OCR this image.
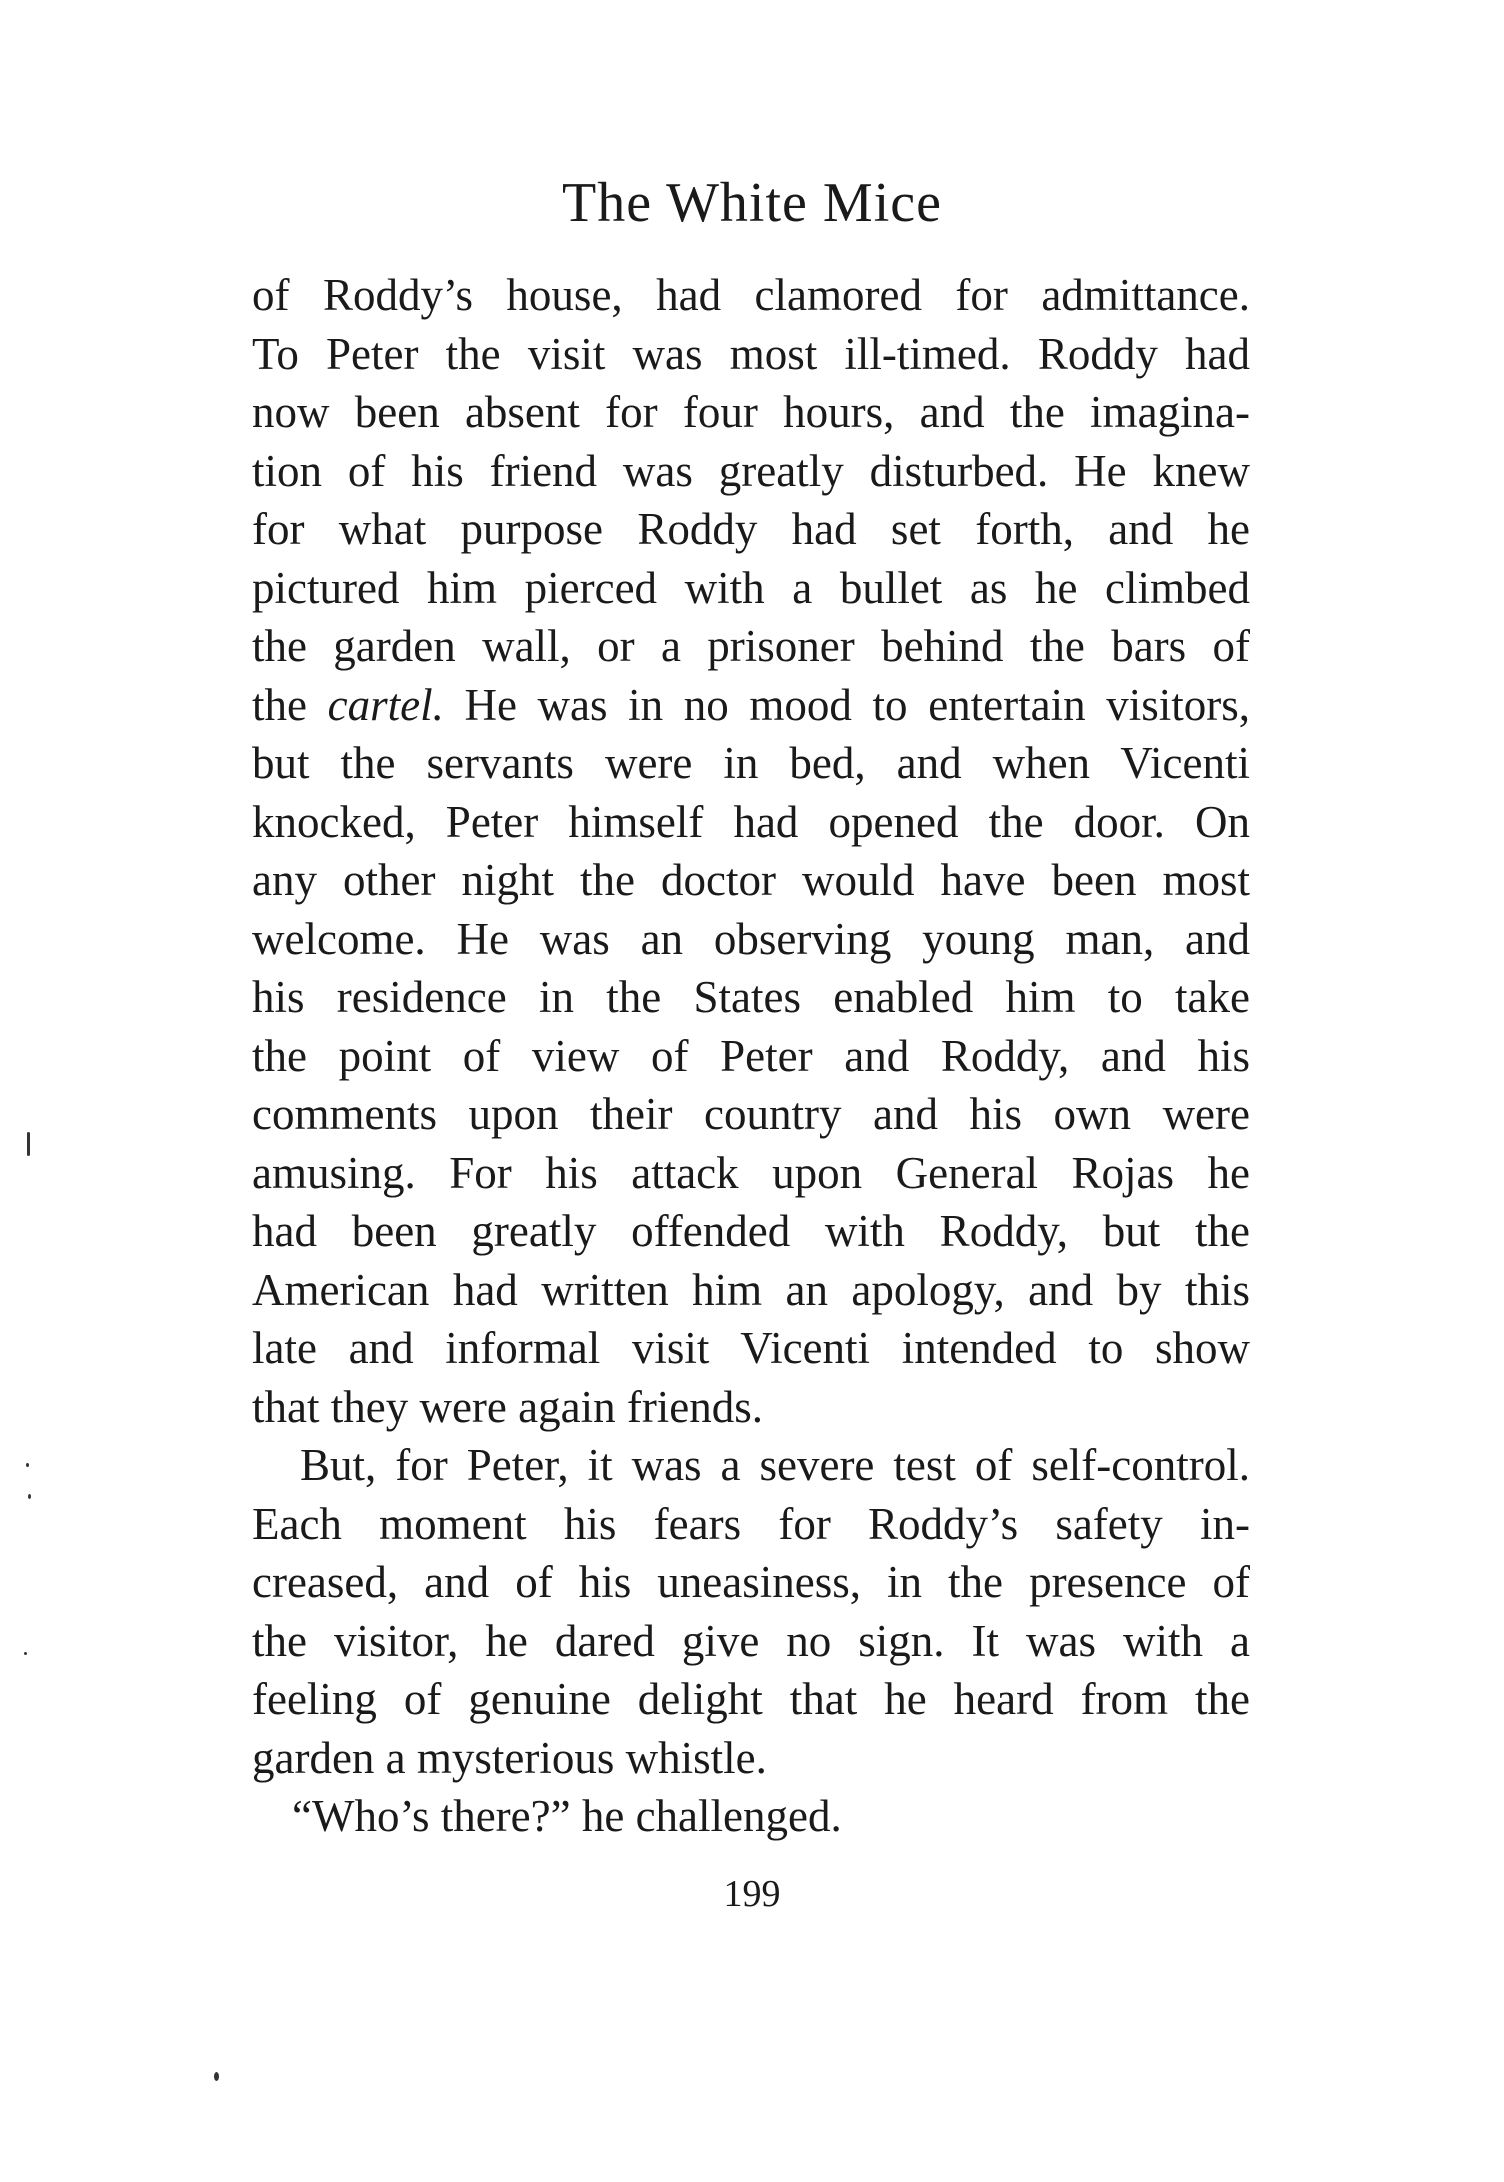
The White Mice
of Roddy’s house, had clamored for admittance.
To Peter the visit was most ill-timed. Roddy had
now been absent for four hours, and the imagina-
tion of his friend was greatly disturbed. He knew
for what purpose Roddy had set forth, and he
pictured him pierced with a bullet as he climbed
the garden wall, or a prisoner behind the bars of
the cartel. He was in no mood to entertain visitors,
but the servants were in bed, and when Vicenti
knocked, Peter himself had opened the door. On
any other night the doctor would have been most
welcome. He was an observing young man, and
his residence in the States enabled him to take
the point of view of Peter and Roddy, and his
comments upon their country and his own were
amusing. For his attack upon General Rojas he
had been greatly offended with Roddy, but the
American had written him an apology, and by this
late and informal visit Vicenti intended to show
that they were again friends.
But, for Peter, it was a severe test of self-control.
Each moment his fears for Roddy’s safety in-
creased, and of his uneasiness, in the presence of
the visitor, he dared give no sign. It was with a
feeling of genuine delight that he heard from the
garden a mysterious whistle.
“Who’s there?” he challenged.
199
